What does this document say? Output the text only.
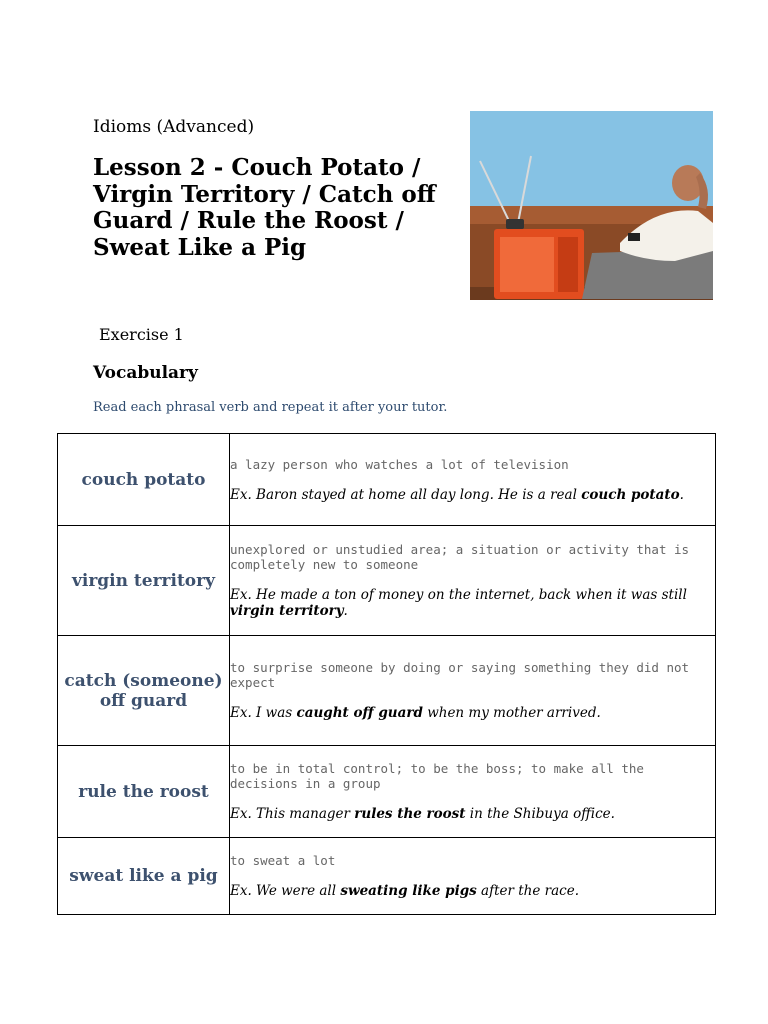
Idioms (Advanced)
Lesson 2 - Couch Potato /
Virgin Territory / Catch off
Guard / Rule the Roost /
Sweat Like a Pig
Exercise 1
Vocabulary
Read each phrasal verb and repeat it after your tutor.
couch potato	a lazy person who watches a lot of television
Ex. Baron stayed at home all day long. He is a real couch potato.

virgin territory	unexplored or unstudied area; a situation or activity that is completely new to someone
Ex. He made a ton of money on the internet, back when it was still virgin territory.

catch (someone) off guard	to surprise someone by doing or saying something they did not expect
Ex. I was caught off guard when my mother arrived.

rule the roost	to be in total control; to be the boss; to make all the decisions in a group
Ex. This manager rules the roost in the Shibuya office.

sweat like a pig	to sweat a lot
Ex. We were all sweating like pigs after the race.
